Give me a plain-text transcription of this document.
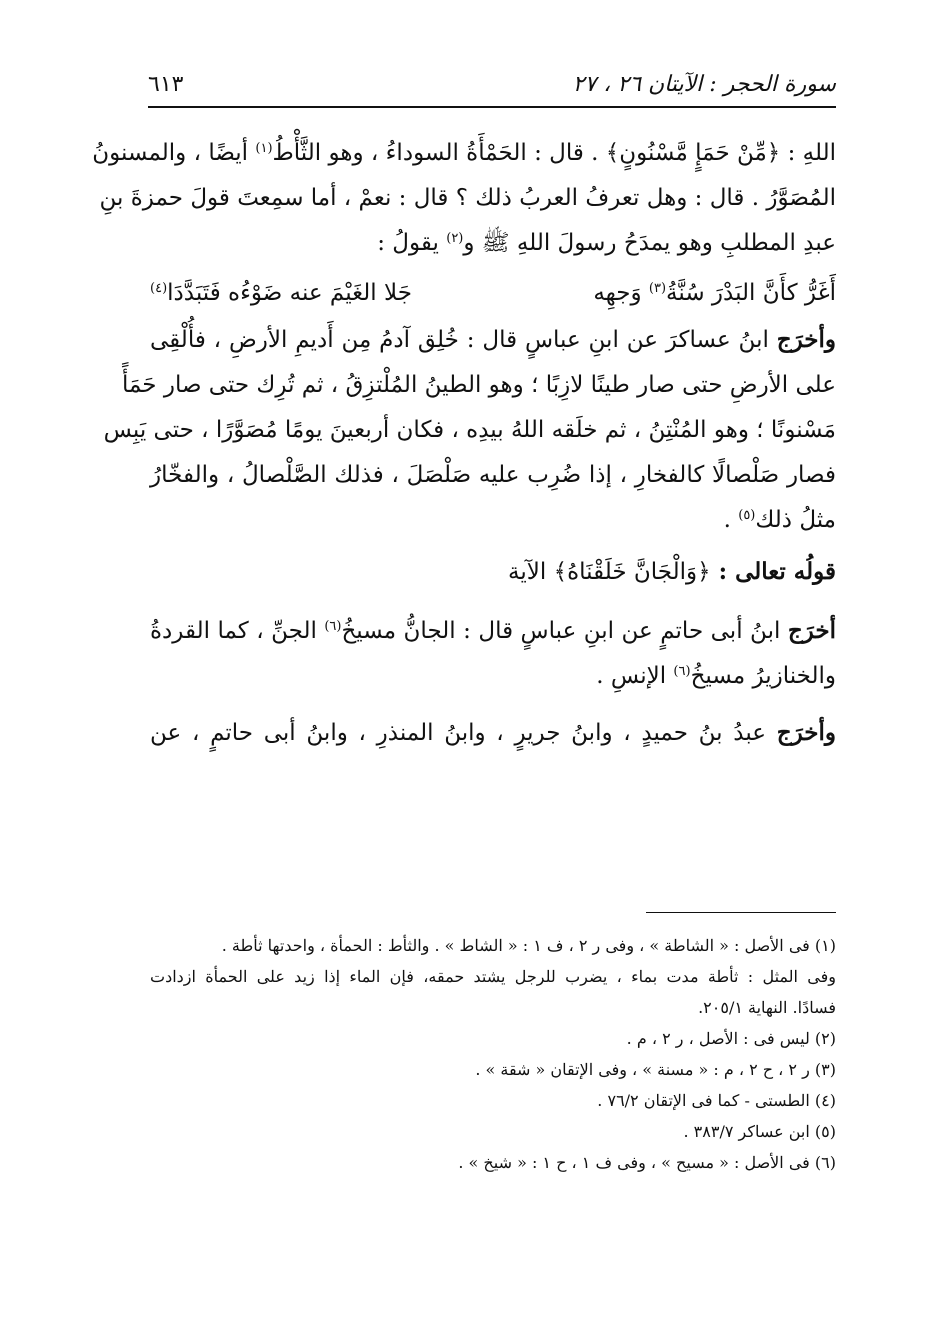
سورة الحجر : الآيتان ٢٦ ، ٢٧
٦١٣
اللهِ : ﴿مِّنْ حَمَإٍ مَّسْنُونٍ﴾ . قال : الحَمْأَةُ السوداءُ ، وهو الثَّأْطُ$^{(١)}$ أيضًا ، والمسنونُ
المُصَوَّرُ . قال : وهل تعرفُ العربُ ذلك ؟ قال : نعمْ ، أما سمِعتَ قولَ حمزةَ بنِ
عبدِ المطلبِ وهو يمدَحُ رسولَ اللهِ ﷺ و$^{(٢)}$ يقولُ :
أَغَرُّ كأَنَّ البَدْرَ سُنَّةُ$^{(٣)}$ وَجهِه
جَلا الغَيْمَ عنه ضَوْءُه فَتَبَدَّدَا$^{(٤)}$
وأخرَج ابنُ عساكرَ عن ابنِ عباسٍ قال : خُلِق آدمُ مِن أَديمِ الأرضِ ، فأُلْقِى
على الأرضِ حتى صار طينًا لازِبًا ؛ وهو الطينُ المُلْتزِقُ ، ثم تُرِك حتى صار حَمَأً
مَسْنونًا ؛ وهو المُنْتِنُ ، ثم خلَقه اللهُ بيدِه ، فكان أربعينَ يومًا مُصَوَّرًا ، حتى يَبِس
فصار صَلْصالًا كالفخارِ ، إذا ضُرِب عليه صَلْصَلَ ، فذلك الصَّلْصالُ ، والفخّارُ
مثلُ ذلك$^{(٥)}$ .
قولُه تعالى : ﴿وَالْجَانَّ خَلَقْنَاهُ﴾ الآية
أخرَج ابنُ أبى حاتمٍ عن ابنِ عباسٍ قال : الجانُّ مسيخُ$^{(٦)}$ الجنِّ ، كما القردةُ
والخنازيرُ مسيخُ$^{(٦)}$ الإنسِ .
وأخرَج عبدُ بنُ حميدٍ ، وابنُ جريرٍ ، وابنُ المنذرِ ، وابنُ أبى حاتمٍ ، عن
(١) فى الأصل : « الشاطة » ، وفى ر ٢ ، ف ١ : « الشاط » . والثأط : الحمأة ، واحدتها ثأطة .
وفى المثل : ثأطة مدت بماء ، يضرب للرجل يشتد حمقه، فإن الماء إذا زيد على الحمأة ازدادت
فسادًا. النهاية ٢٠٥/١.
(٢) ليس فى : الأصل ، ر ٢ ، م .
(٣) ر ٢ ، ح ٢ ، م : « مسنة » ، وفى الإتقان « شقة » .
(٤) الطستى - كما فى الإتقان ٧٦/٢ .
(٥) ابن عساكر ٣٨٣/٧ .
(٦) فى الأصل : « مسيح » ، وفى ف ١ ، ح ١ : « شيخ » .
